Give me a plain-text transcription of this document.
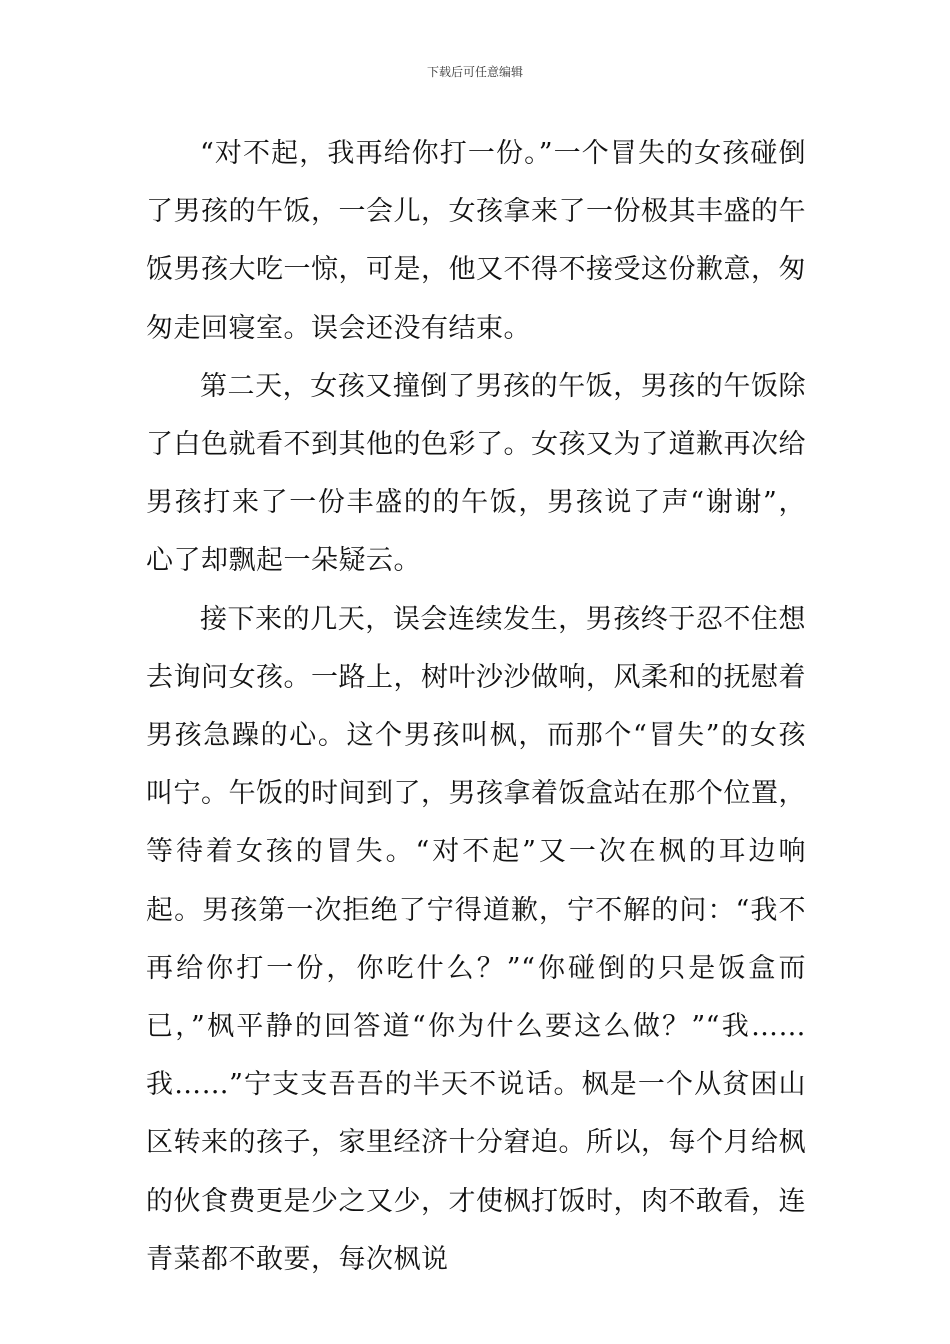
下载后可任意编辑

“对不起，我再给你打一份。”一个冒失的女孩碰倒了男孩的午饭，一会儿，女孩拿来了一份极其丰盛的午饭男孩大吃一惊，可是，他又不得不接受这份歉意，匆匆走回寝室。误会还没有结束。

第二天，女孩又撞倒了男孩的午饭，男孩的午饭除了白色就看不到其他的色彩了。女孩又为了道歉再次给男孩打来了一份丰盛的的午饭，男孩说了声“谢谢”，心了却飘起一朵疑云。

接下来的几天，误会连续发生，男孩终于忍不住想去询问女孩。一路上，树叶沙沙做响，风柔和的抚慰着男孩急躁的心。这个男孩叫枫，而那个“冒失”的女孩叫宁。午饭的时间到了，男孩拿着饭盒站在那个位置，等待着女孩的冒失。“对不起”又一次在枫的耳边响起。男孩第一次拒绝了宁得道歉，宁不解的问：“我不再给你打一份，你吃什么？”“你碰倒的只是饭盒而已，”枫平静的回答道“你为什么要这么做？”“我……我……”宁支支吾吾的半天不说话。枫是一个从贫困山区转来的孩子，家里经济十分窘迫。所以，每个月给枫的伙食费更是少之又少，才使枫打饭时，肉不敢看，连青菜都不敢要，每次枫说
